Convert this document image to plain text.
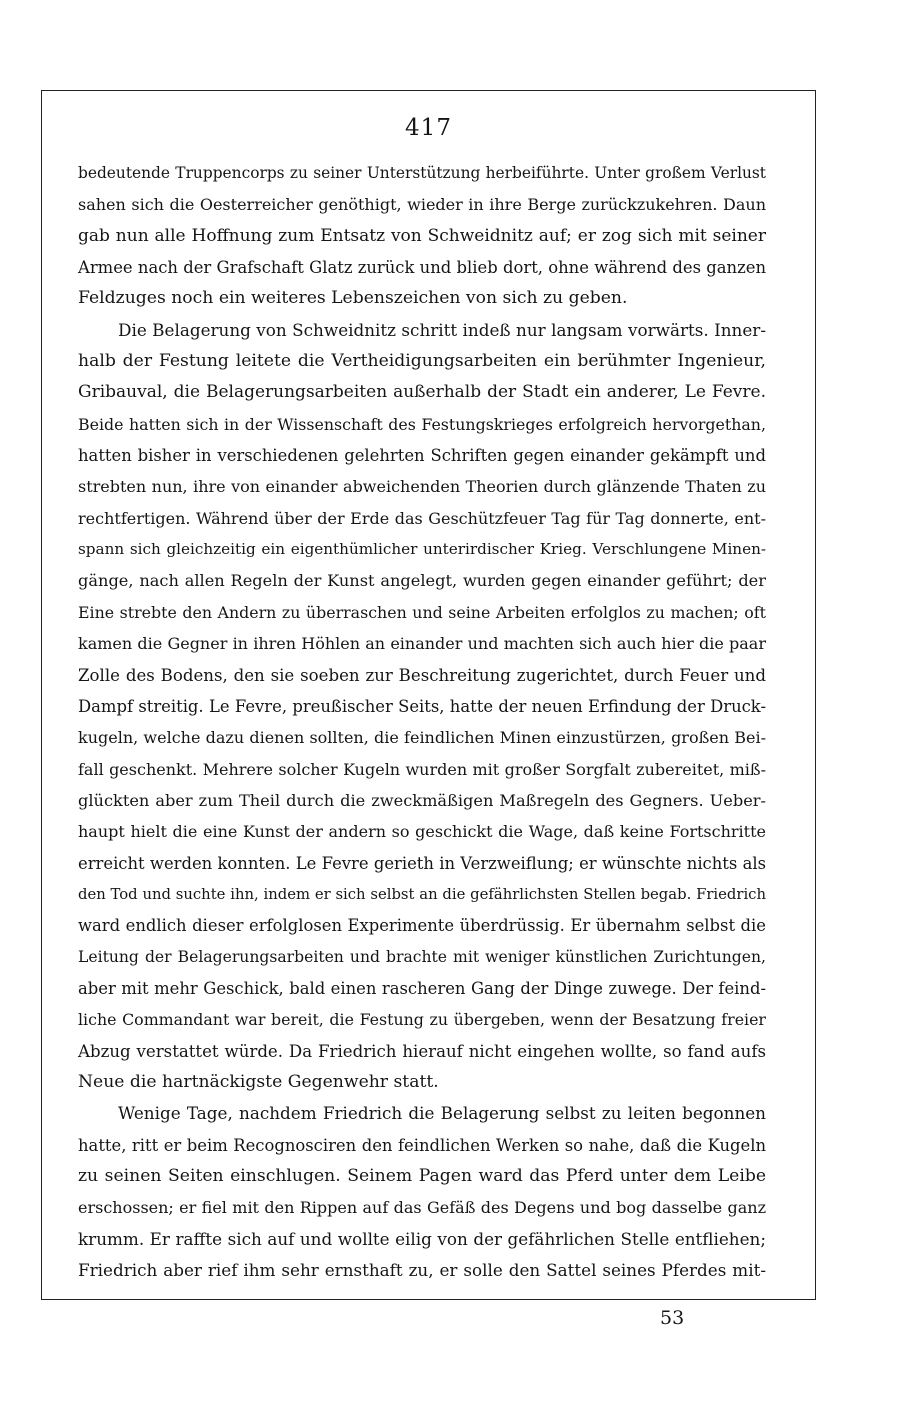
417
bedeutende Truppencorps zu seiner Unterstützung herbeiführte. Unter großem Verlust
sahen sich die Oesterreicher genöthigt, wieder in ihre Berge zurückzukehren. Daun
gab nun alle Hoffnung zum Entsatz von Schweidnitz auf; er zog sich mit seiner
Armee nach der Grafschaft Glatz zurück und blieb dort, ohne während des ganzen
Feldzuges noch ein weiteres Lebenszeichen von sich zu geben.
Die Belagerung von Schweidnitz schritt indeß nur langsam vorwärts. Inner-
halb der Festung leitete die Vertheidigungsarbeiten ein berühmter Ingenieur,
Gribauval, die Belagerungsarbeiten außerhalb der Stadt ein anderer, Le Fevre.
Beide hatten sich in der Wissenschaft des Festungskrieges erfolgreich hervorgethan,
hatten bisher in verschiedenen gelehrten Schriften gegen einander gekämpft und
strebten nun, ihre von einander abweichenden Theorien durch glänzende Thaten zu
rechtfertigen. Während über der Erde das Geschützfeuer Tag für Tag donnerte, ent-
spann sich gleichzeitig ein eigenthümlicher unterirdischer Krieg. Verschlungene Minen-
gänge, nach allen Regeln der Kunst angelegt, wurden gegen einander geführt; der
Eine strebte den Andern zu überraschen und seine Arbeiten erfolglos zu machen; oft
kamen die Gegner in ihren Höhlen an einander und machten sich auch hier die paar
Zolle des Bodens, den sie soeben zur Beschreitung zugerichtet, durch Feuer und
Dampf streitig. Le Fevre, preußischer Seits, hatte der neuen Erfindung der Druck-
kugeln, welche dazu dienen sollten, die feindlichen Minen einzustürzen, großen Bei-
fall geschenkt. Mehrere solcher Kugeln wurden mit großer Sorgfalt zubereitet, miß-
glückten aber zum Theil durch die zweckmäßigen Maßregeln des Gegners. Ueber-
haupt hielt die eine Kunst der andern so geschickt die Wage, daß keine Fortschritte
erreicht werden konnten. Le Fevre gerieth in Verzweiflung; er wünschte nichts als
den Tod und suchte ihn, indem er sich selbst an die gefährlichsten Stellen begab. Friedrich
ward endlich dieser erfolglosen Experimente überdrüssig. Er übernahm selbst die
Leitung der Belagerungsarbeiten und brachte mit weniger künstlichen Zurichtungen,
aber mit mehr Geschick, bald einen rascheren Gang der Dinge zuwege. Der feind-
liche Commandant war bereit, die Festung zu übergeben, wenn der Besatzung freier
Abzug verstattet würde. Da Friedrich hierauf nicht eingehen wollte, so fand aufs
Neue die hartnäckigste Gegenwehr statt.
Wenige Tage, nachdem Friedrich die Belagerung selbst zu leiten begonnen
hatte, ritt er beim Recognosciren den feindlichen Werken so nahe, daß die Kugeln
zu seinen Seiten einschlugen. Seinem Pagen ward das Pferd unter dem Leibe
erschossen; er fiel mit den Rippen auf das Gefäß des Degens und bog dasselbe ganz
krumm. Er raffte sich auf und wollte eilig von der gefährlichen Stelle entfliehen;
Friedrich aber rief ihm sehr ernsthaft zu, er solle den Sattel seines Pferdes mit-
53
